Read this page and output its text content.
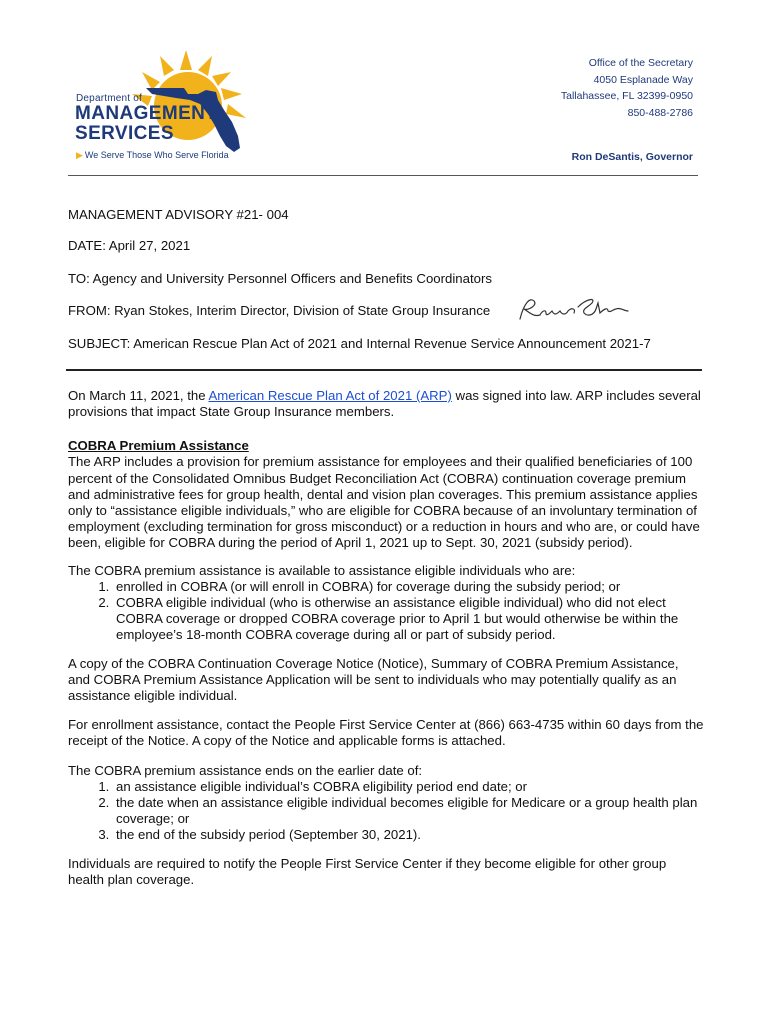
Department of
MANAGEMENT
SERVICES
▶ We Serve Those Who Serve Florida
Office of the Secretary
4050 Esplanade Way
Tallahassee, FL 32399-0950
850-488-2786
Ron DeSantis, Governor
MANAGEMENT ADVISORY #21- 004
DATE: April 27, 2021
TO: Agency and University Personnel Officers and Benefits Coordinators
FROM: Ryan Stokes, Interim Director, Division of State Group Insurance
SUBJECT: American Rescue Plan Act of 2021 and Internal Revenue Service Announcement 2021-7

On March 11, 2021, the American Rescue Plan Act of 2021 (ARP) was signed into law. ARP includes several provisions that impact State Group Insurance members.

COBRA Premium Assistance

The ARP includes a provision for premium assistance for employees and their qualified beneficiaries of 100 percent of the Consolidated Omnibus Budget Reconciliation Act (COBRA) continuation coverage premium and administrative fees for group health, dental and vision plan coverages. This premium assistance applies only to “assistance eligible individuals,” who are eligible for COBRA because of an involuntary termination of employment (excluding termination for gross misconduct) or a reduction in hours and who are, or could have been, eligible for COBRA during the period of April 1, 2021 up to Sept. 30, 2021 (subsidy period).

The COBRA premium assistance is available to assistance eligible individuals who are:

1. enrolled in COBRA (or will enroll in COBRA) for coverage during the subsidy period; or
2. COBRA eligible individual (who is otherwise an assistance eligible individual) who did not elect COBRA coverage or dropped COBRA coverage prior to April 1 but would otherwise be within the employee’s 18-month COBRA coverage during all or part of subsidy period.

A copy of the COBRA Continuation Coverage Notice (Notice), Summary of COBRA Premium Assistance, and COBRA Premium Assistance Application will be sent to individuals who may potentially qualify as an assistance eligible individual.

For enrollment assistance, contact the People First Service Center at (866) 663-4735 within 60 days from the receipt of the Notice. A copy of the Notice and applicable forms is attached.

The COBRA premium assistance ends on the earlier date of:

1. an assistance eligible individual’s COBRA eligibility period end date; or
2. the date when an assistance eligible individual becomes eligible for Medicare or a group health plan coverage; or
3. the end of the subsidy period (September 30, 2021).

Individuals are required to notify the People First Service Center if they become eligible for other group health plan coverage.
